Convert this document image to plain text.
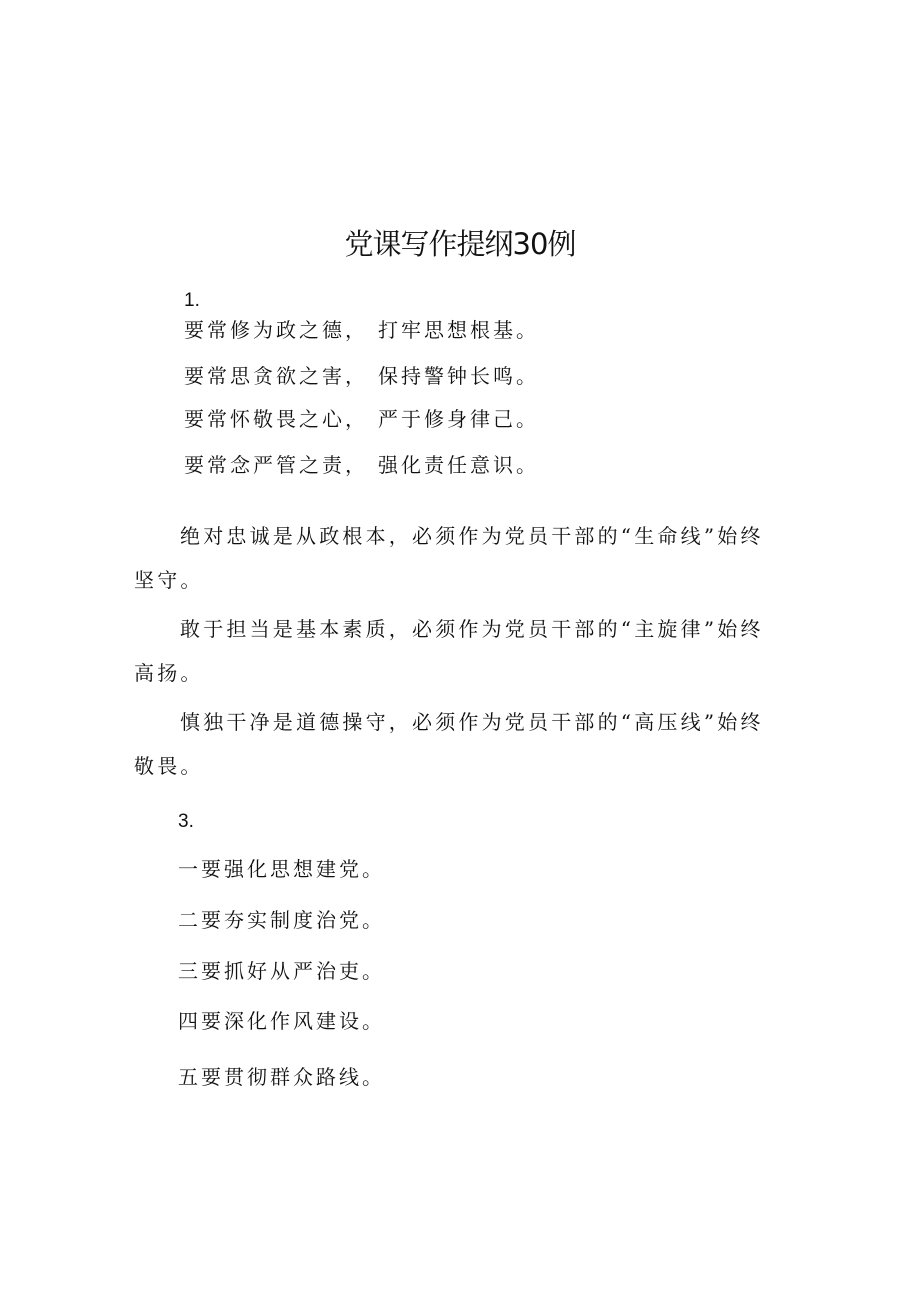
党课写作提纲30例
1.
要常修为政之德， 打牢思想根基。
要常思贪欲之害， 保持警钟长鸣。
要常怀敬畏之心， 严于修身律己。
要常念严管之责， 强化责任意识。

绝对忠诚是从政根本，必须作为党员干部的“生命线”始终坚守。

敢于担当是基本素质，必须作为党员干部的“主旋律”始终高扬。

慎独干净是道德操守，必须作为党员干部的“高压线”始终敬畏。

3.
一要强化思想建党。
二要夯实制度治党。
三要抓好从严治吏。
四要深化作风建设。
五要贯彻群众路线。
